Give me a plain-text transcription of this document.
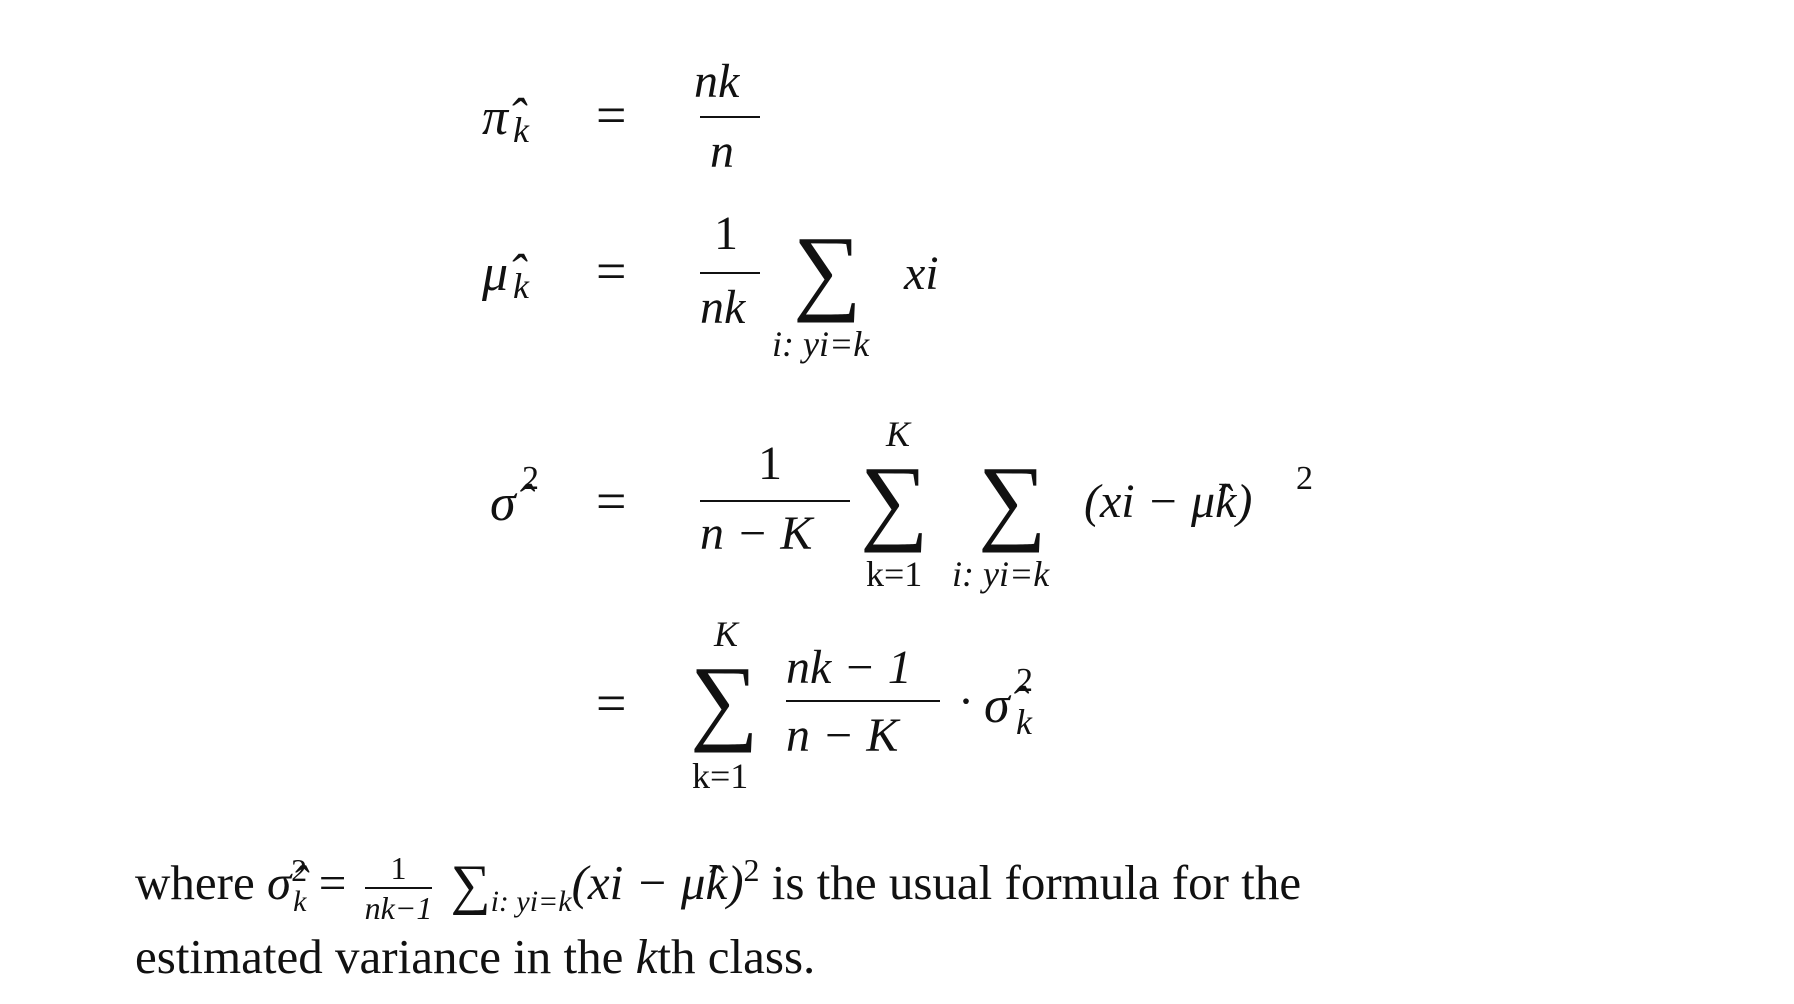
π̂ k =
nk
n
μ̂ k =
1
nk ∑
i: yi=k
xi
σ̂ 2 =
1
n − K
K
∑
k=1
∑
i: yi=k
(xi − μ̂k) 2
=
K
∑
k=1
nk − 1
n − K
· σ̂ 2
k
where σ̂$^2_k$ = $\frac{1}{nk-1} \sum_{i: yi=k}(xi$ − μ̂k)$^2$ is the usual formula for the
estimated variance in the kth class.
